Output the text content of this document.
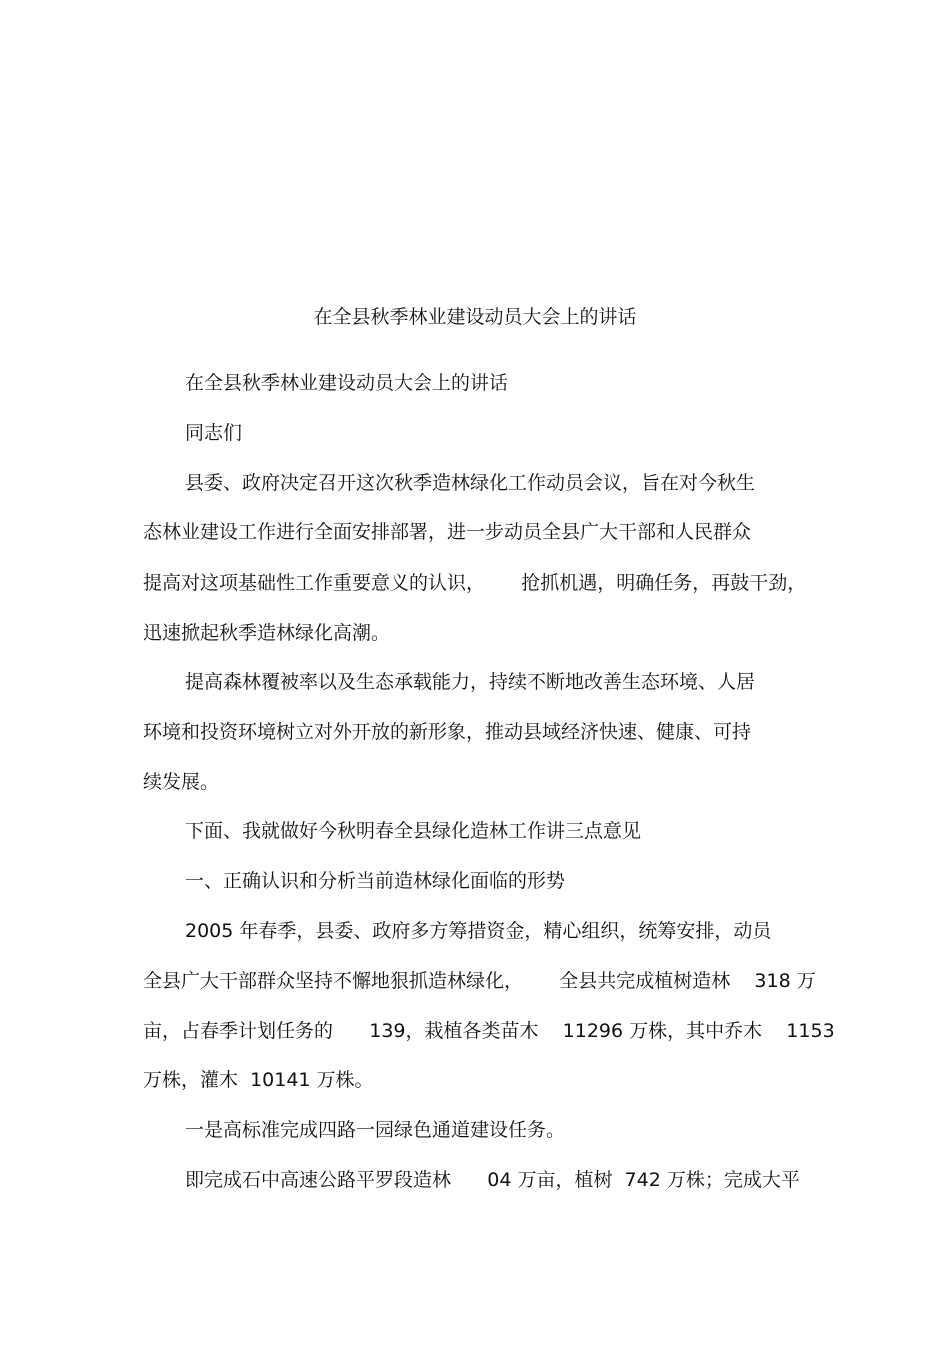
在全县秋季林业建设动员大会上的讲话
在全县秋季林业建设动员大会上的讲话
同志们
县委、政府决定召开这次秋季造林绿化工作动员会议，旨在对今秋生
态林业建设工作进行全面安排部署，进一步动员全县广大干部和人民群众
提高对这项基础性工作重要意义的认识，      抢抓机遇，明确任务，再鼓干劲，
迅速掀起秋季造林绿化高潮。
提高森林覆被率以及生态承载能力，持续不断地改善生态环境、人居
环境和投资环境树立对外开放的新形象，推动县域经济快速、健康、可持
续发展。
下面、我就做好今秋明春全县绿化造林工作讲三点意见
一、正确认识和分析当前造林绿化面临的形势
2005 年春季，县委、政府多方筹措资金，精心组织，统筹安排，动员
全县广大干部群众坚持不懈地狠抓造林绿化，      全县共完成植树造林    318 万
亩，占春季计划任务的      139，栽植各类苗木    11296 万株，其中乔木    1153
万株，灌木  10141 万株。
一是高标准完成四路一园绿色通道建设任务。
即完成石中高速公路平罗段造林      04 万亩，植树  742 万株；完成大平
